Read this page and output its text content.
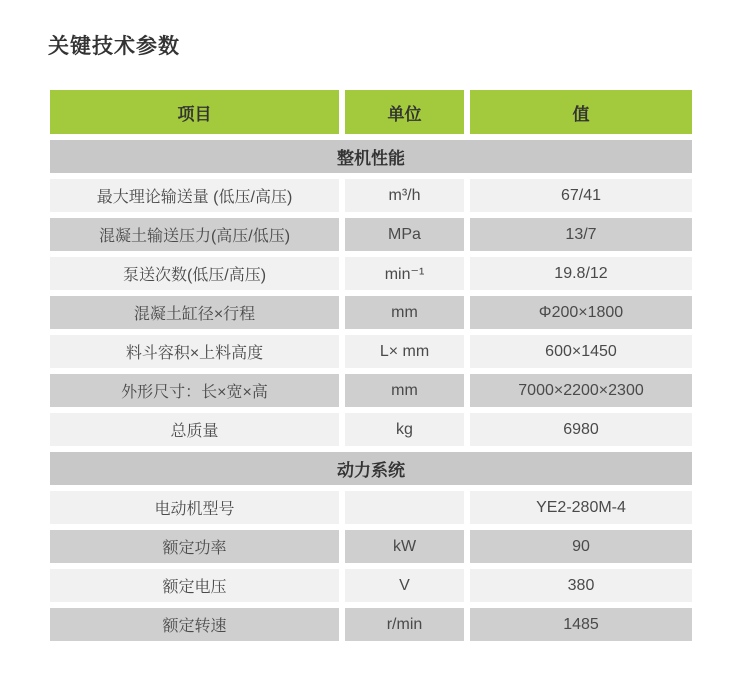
关键技术参数
项目	单位	值
整机性能		
最大理论输送量 (低压/高压)	m³/h	67/41
混凝土输送压力(高压/低压)	MPa	13/7
泵送次数(低压/高压)	min⁻¹	19.8/12
混凝土缸径×行程	mm	Φ200×1800
料斗容积×上料高度	L× mm	600×1450
外形尺寸：长×宽×高	mm	7000×2200×2300
总质量	kg	6980
动力系统		
电动机型号		YE2-280M-4
额定功率	kW	90
额定电压	V	380
额定转速	r/min	1485
